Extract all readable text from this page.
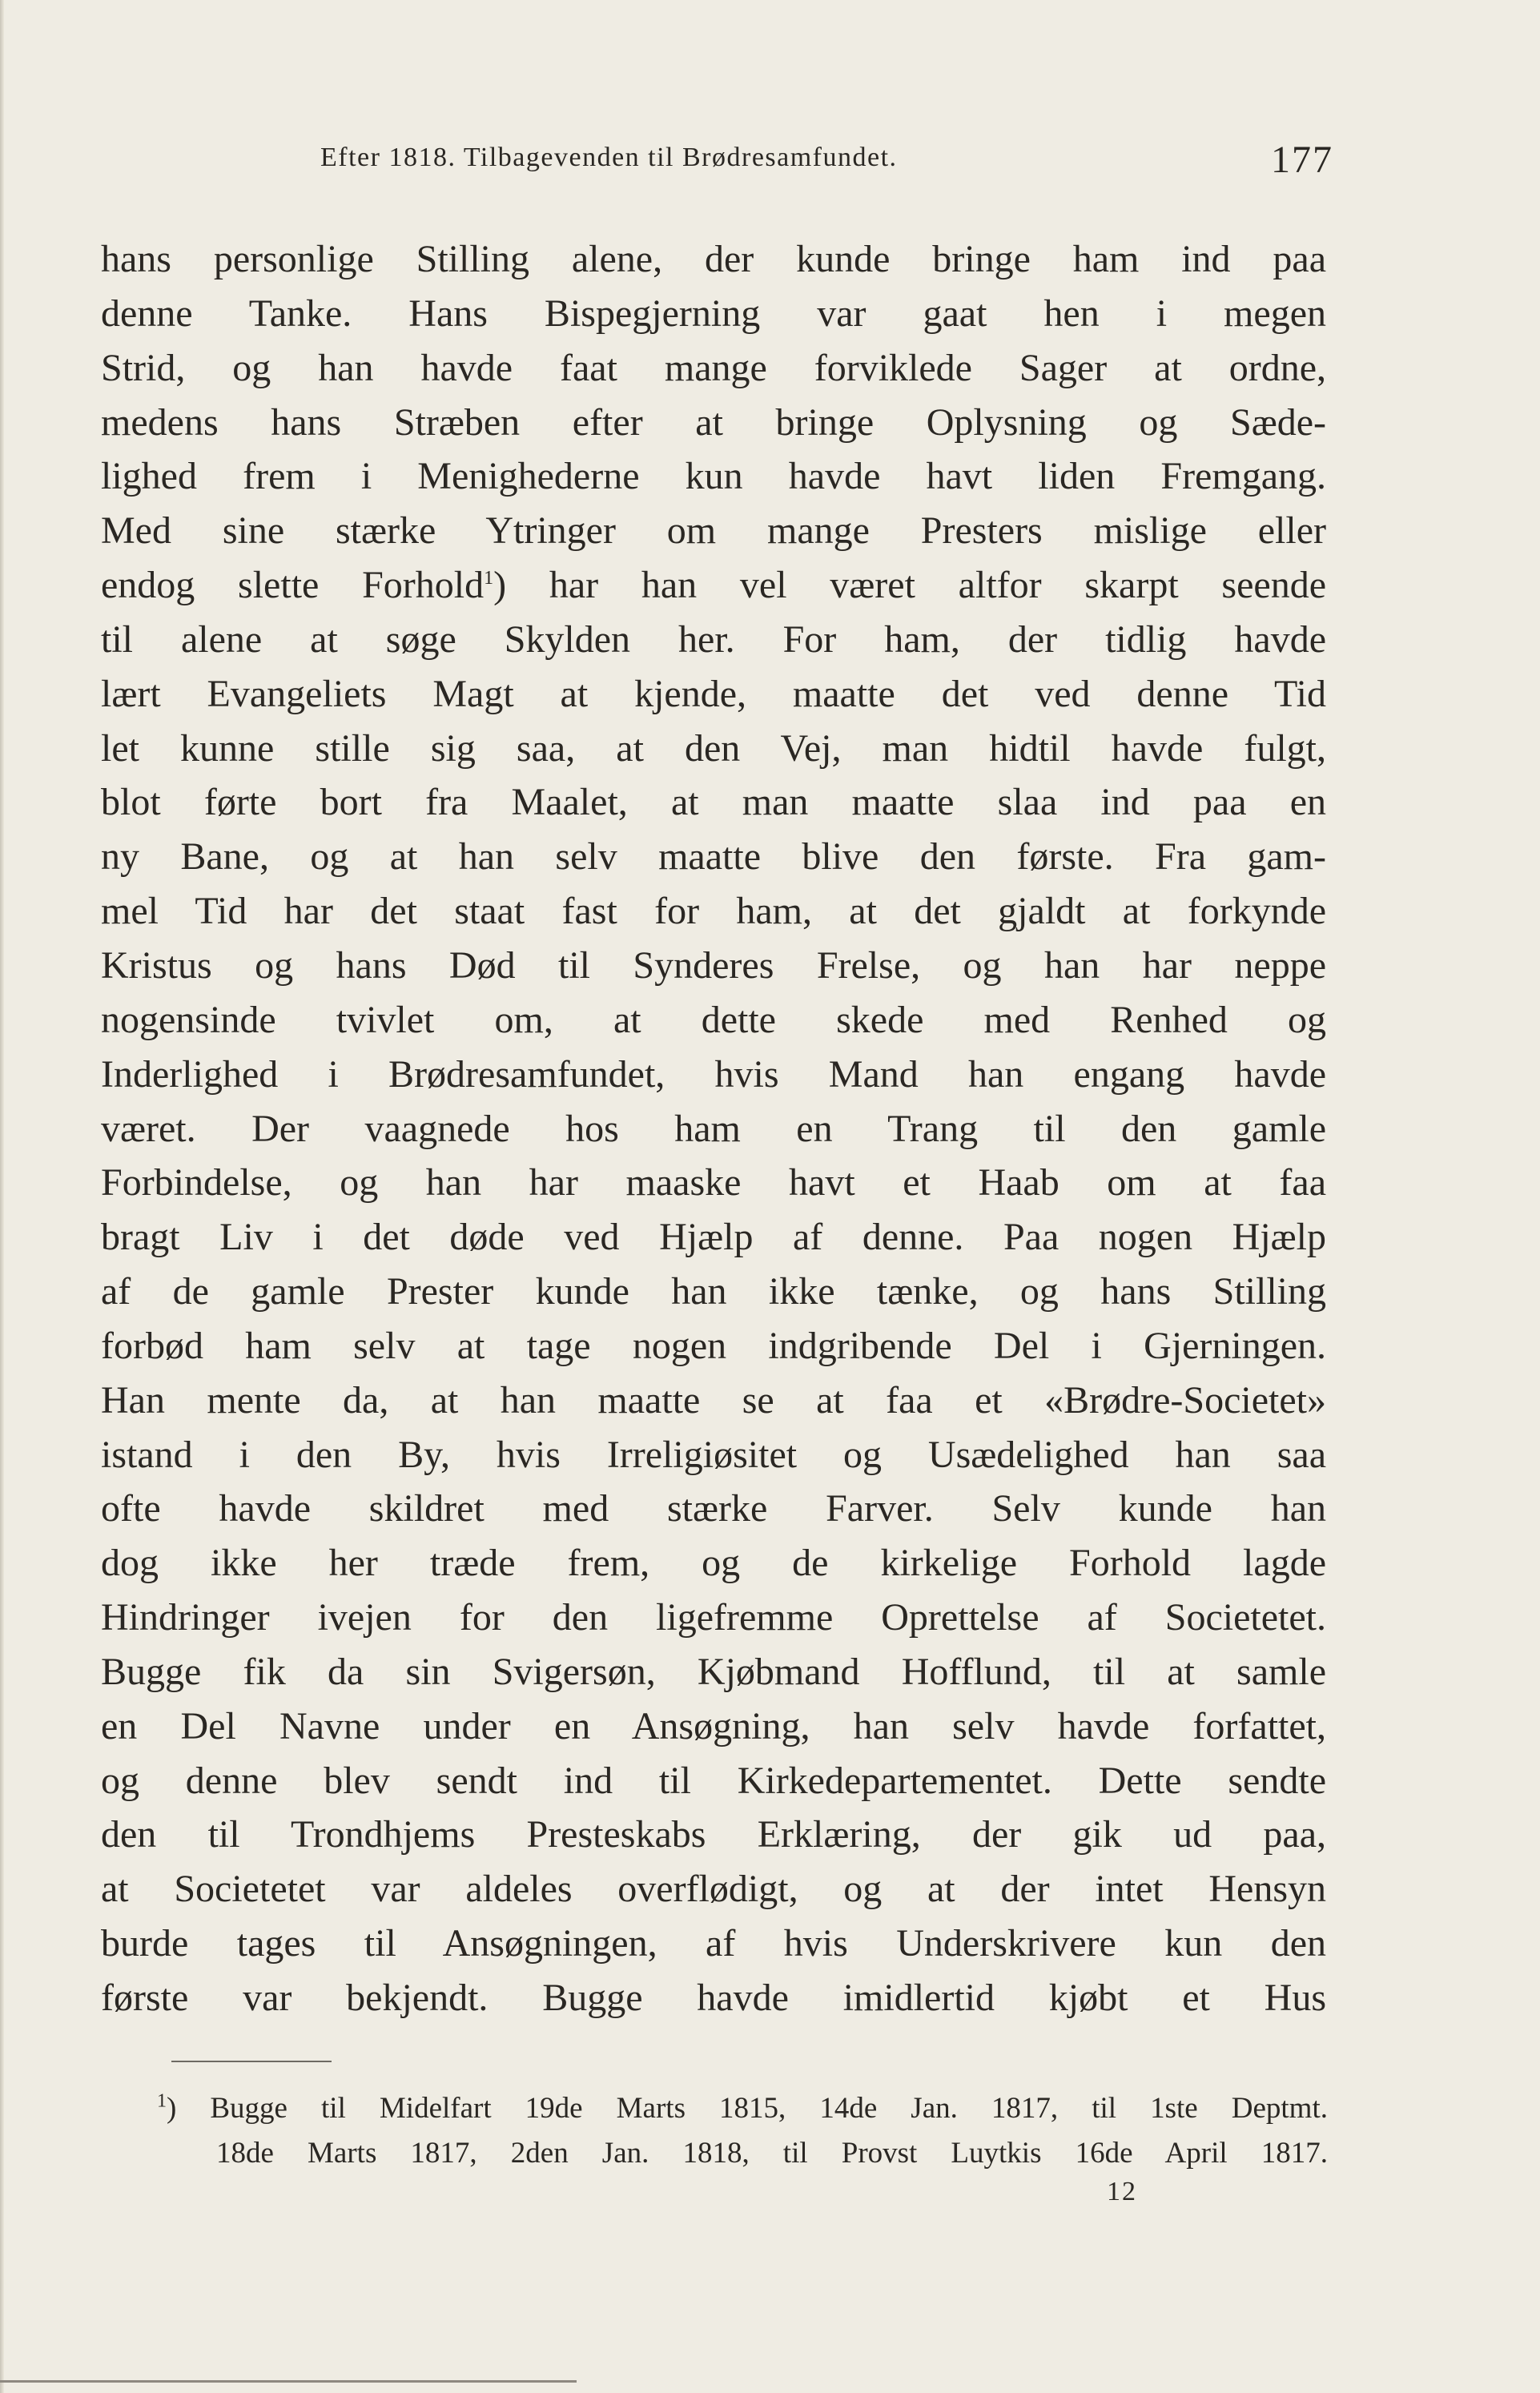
Efter 1818. Tilbagevenden til Brødresamfundet.	177
hans personlige Stilling alene, der kunde bringe ham ind paa
denne Tanke. Hans Bispegjerning var gaat hen i megen
Strid, og han havde faat mange forviklede Sager at ordne,
medens hans Stræben efter at bringe Oplysning og Sæde-
lighed frem i Menighederne kun havde havt liden Fremgang.
Med sine stærke Ytringer om mange Presters mislige eller
endog slette Forhold$^1$) har han vel været altfor skarpt seende
til alene at søge Skylden her. For ham, der tidlig havde
lært Evangeliets Magt at kjende, maatte det ved denne Tid
let kunne stille sig saa, at den Vej, man hidtil havde fulgt,
blot førte bort fra Maalet, at man maatte slaa ind paa en
ny Bane, og at han selv maatte blive den første. Fra gam-
mel Tid har det staat fast for ham, at det gjaldt at forkynde
Kristus og hans Død til Synderes Frelse, og han har neppe
nogensinde tvivlet om, at dette skede med Renhed og
Inderlighed i Brødresamfundet, hvis Mand han engang havde
været. Der vaagnede hos ham en Trang til den gamle
Forbindelse, og han har maaske havt et Haab om at faa
bragt Liv i det døde ved Hjælp af denne. Paa nogen Hjælp
af de gamle Prester kunde han ikke tænke, og hans Stilling
forbød ham selv at tage nogen indgribende Del i Gjerningen.
Han mente da, at han maatte se at faa et «Brødre-Societet»
istand i den By, hvis Irreligiøsitet og Usædelighed han saa
ofte havde skildret med stærke Farver. Selv kunde han
dog ikke her træde frem, og de kirkelige Forhold lagde
Hindringer ivejen for den ligefremme Oprettelse af Societetet.
Bugge fik da sin Svigersøn, Kjøbmand Hofflund, til at samle
en Del Navne under en Ansøgning, han selv havde forfattet,
og denne blev sendt ind til Kirkedepartementet. Dette sendte
den til Trondhjems Presteskabs Erklæring, der gik ud paa,
at Societetet var aldeles overflødigt, og at der intet Hensyn
burde tages til Ansøgningen, af hvis Underskrivere kun den
første var bekjendt. Bugge havde imidlertid kjøbt et Hus
$^1$) Bugge til Midelfart 19de Marts 1815, 14de Jan. 1817, til 1ste Deptmt.
18de Marts 1817, 2den Jan. 1818, til Provst Luytkis 16de April 1817.
12
